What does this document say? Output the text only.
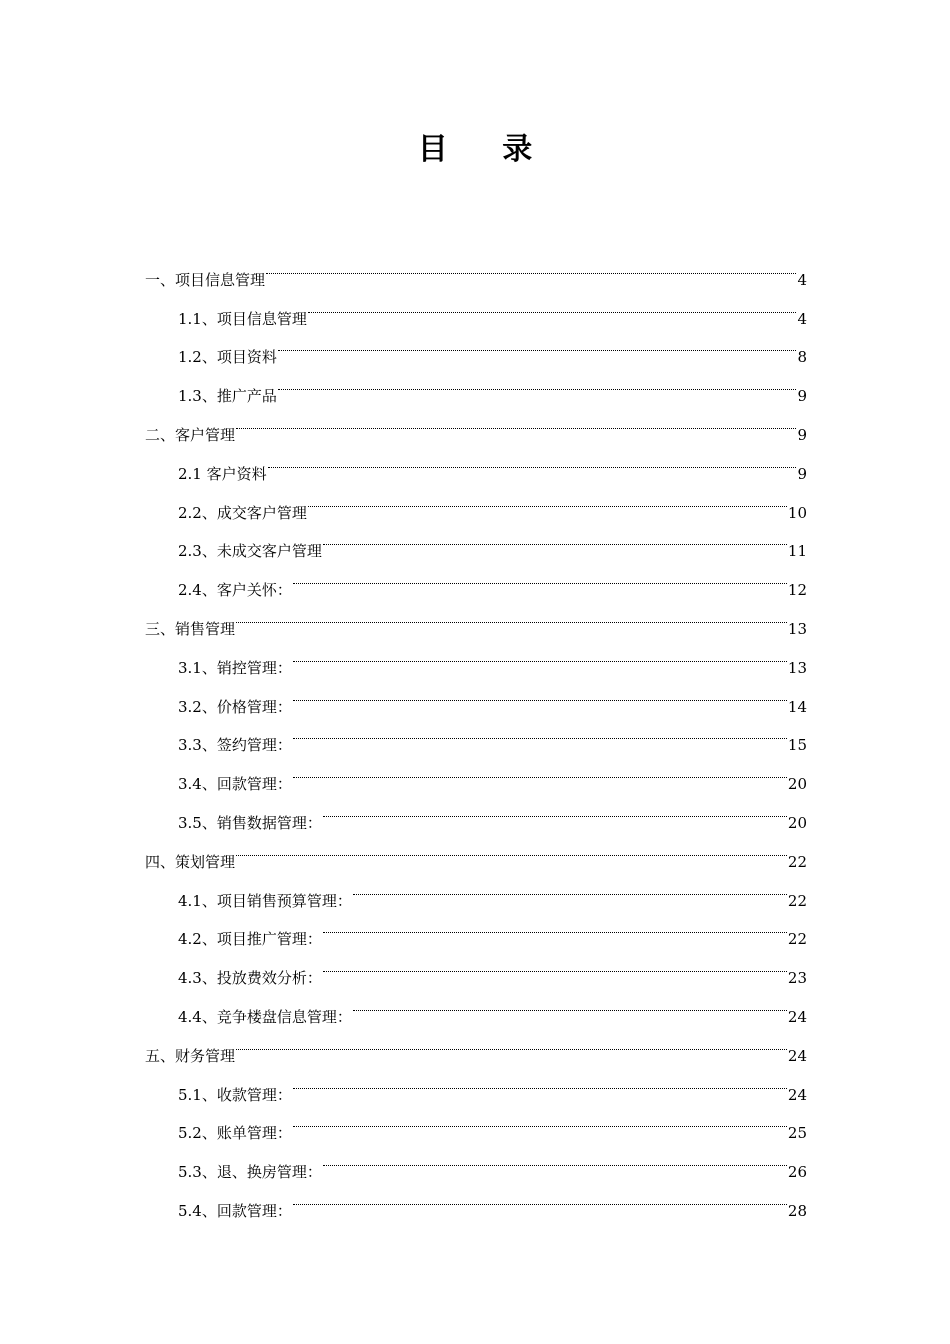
目 录
一、项目信息管理	4
1.1、项目信息管理	4
1.2、项目资料	8
1.3、推广产品	9
二、客户管理	9
2.1 客户资料	9
2.2、成交客户管理	10
2.3、未成交客户管理	11
2.4、客户关怀：	12
三、销售管理	13
3.1、销控管理：	13
3.2、价格管理：	14
3.3、签约管理：	15
3.4、回款管理：	20
3.5、销售数据管理：	20
四、策划管理	22
4.1、项目销售预算管理：	22
4.2、项目推广管理：	22
4.3、投放费效分析：	23
4.4、竞争楼盘信息管理：	24
五、财务管理	24
5.1、收款管理：	24
5.2、账单管理：	25
5.3、退、换房管理：	26
5.4、回款管理：	28
